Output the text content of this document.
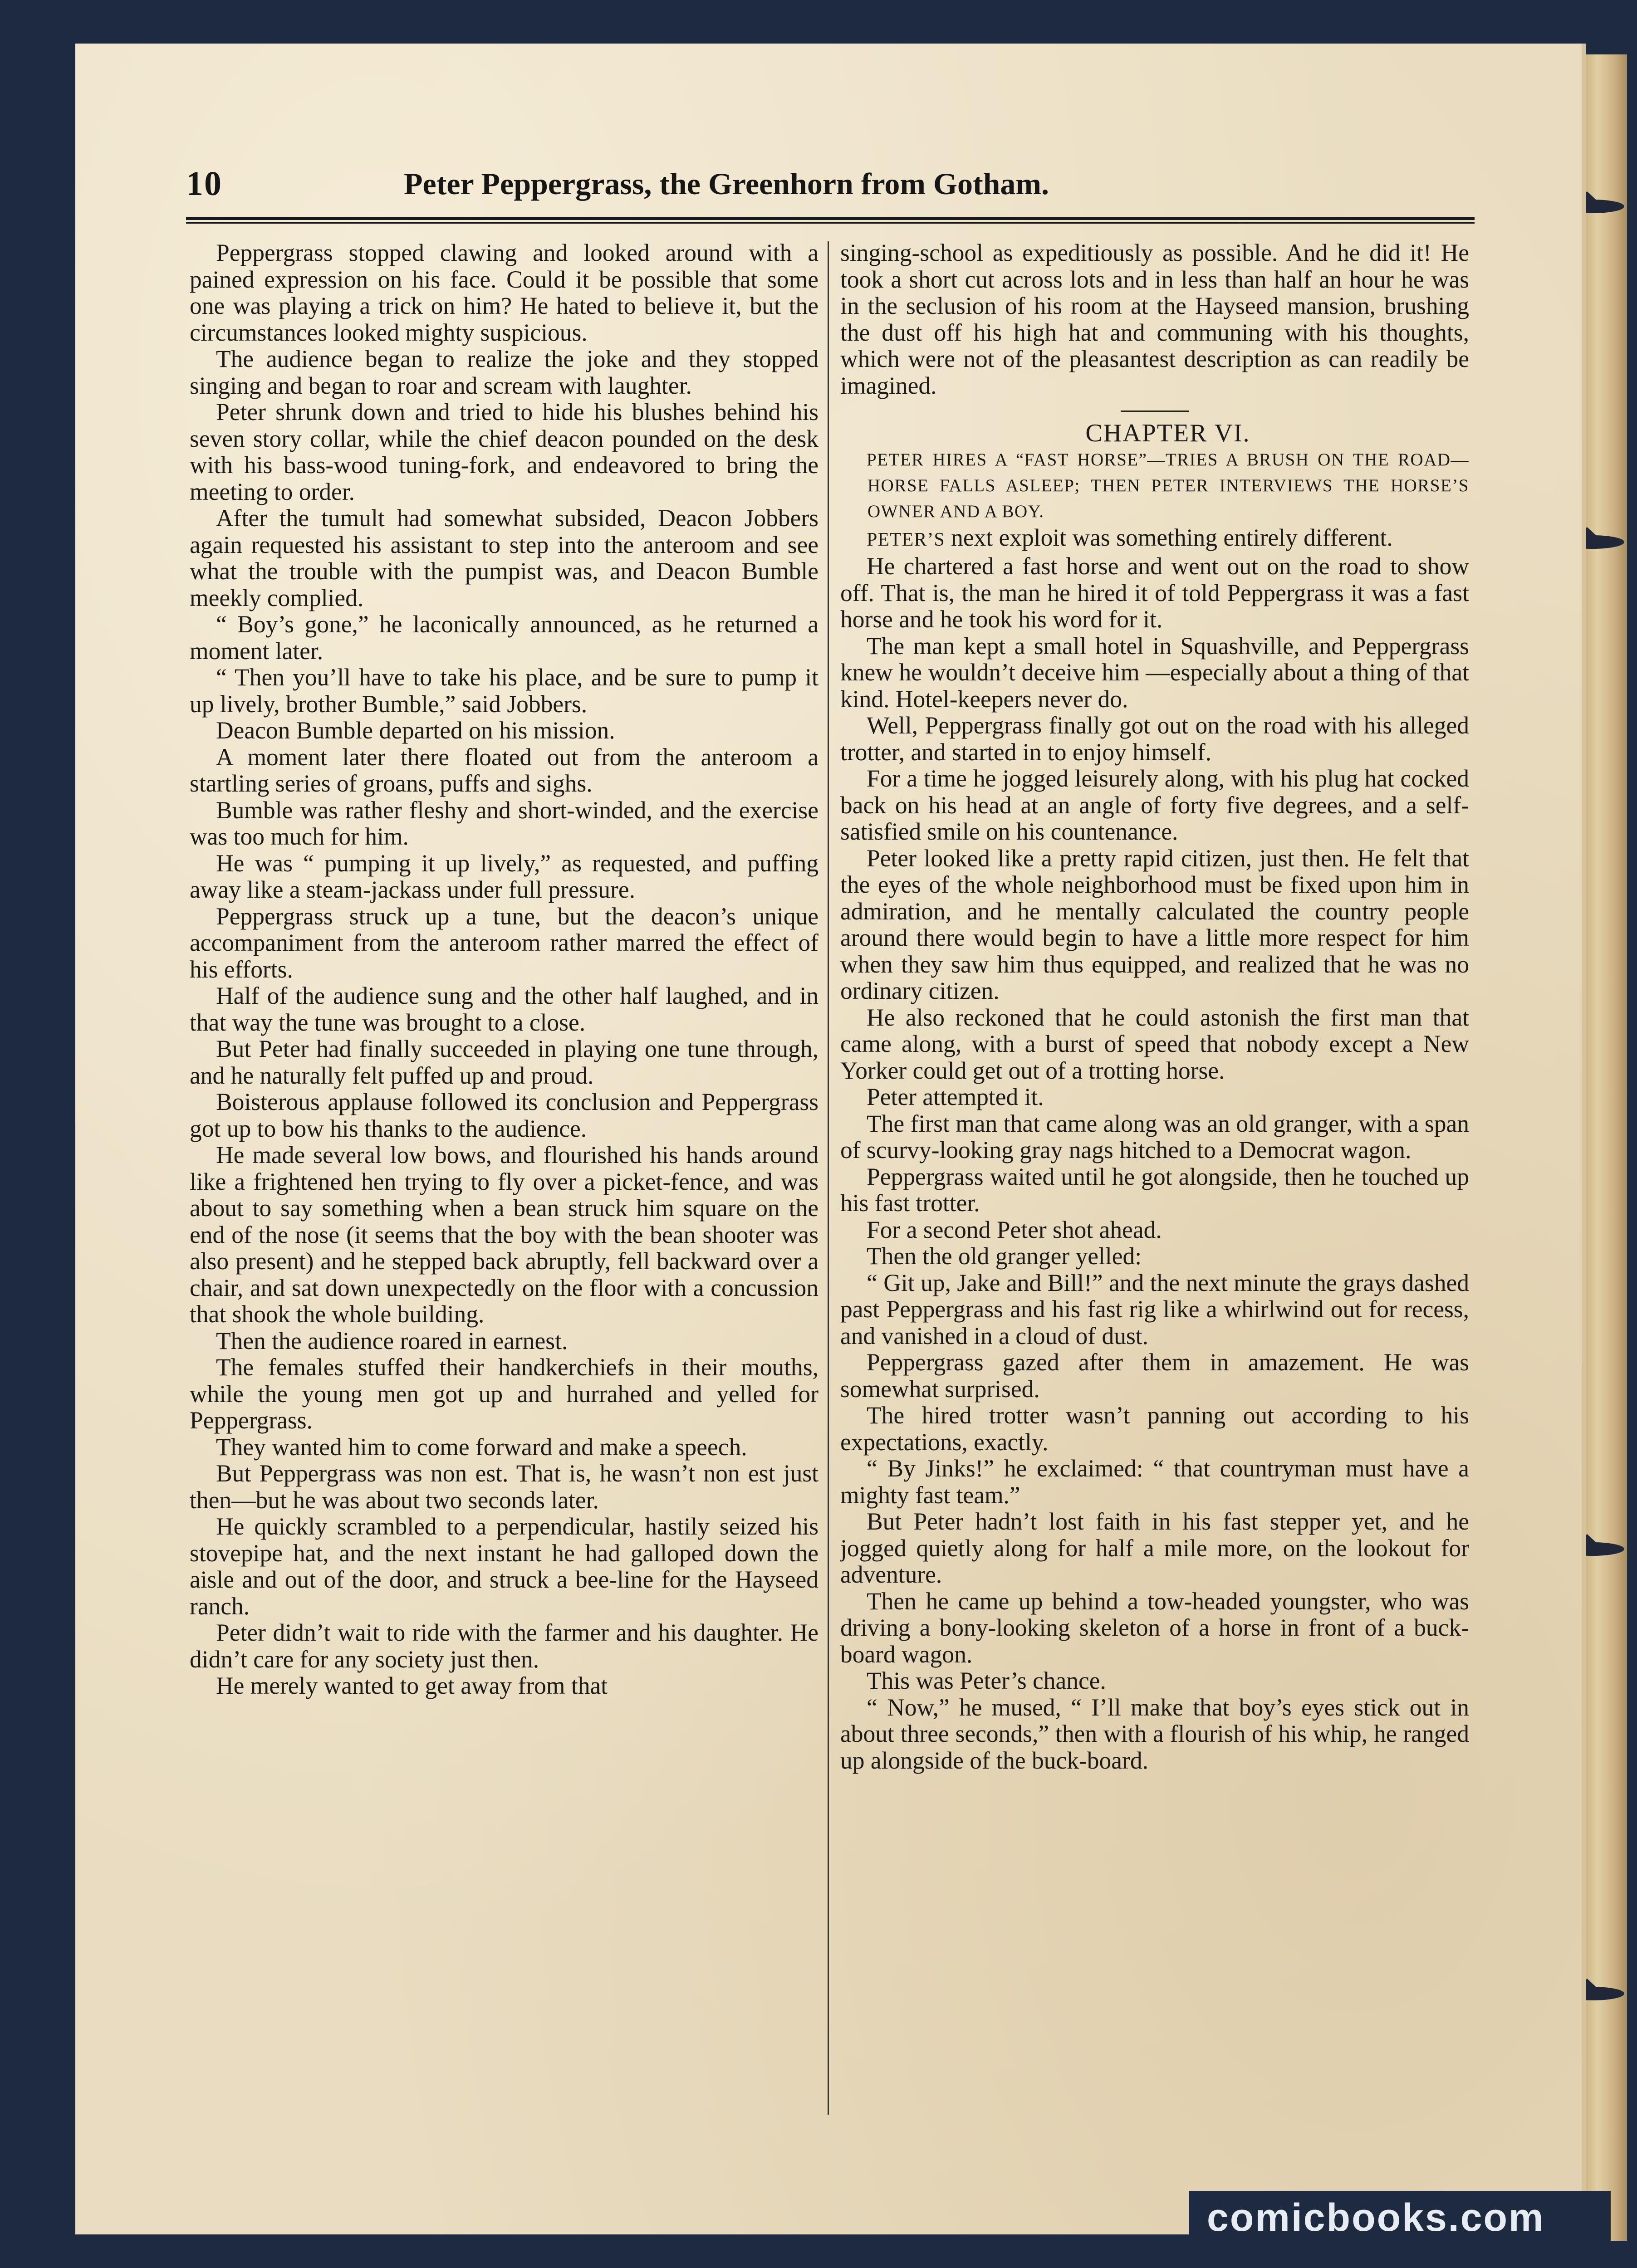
10	Peter Peppergrass, the Greenhorn from Gotham.

Peppergrass stopped clawing and looked around with a pained expression on his face. Could it be possible that some one was playing a trick on him? He hated to believe it, but the circumstances looked mighty suspicious.

The audience began to realize the joke and they stopped singing and began to roar and scream with laughter.

Peter shrunk down and tried to hide his blushes behind his seven story collar, while the chief deacon pounded on the desk with his bass-wood tuning-fork, and endeavored to bring the meeting to order.

After the tumult had somewhat subsided, Deacon Jobbers again requested his assistant to step into the anteroom and see what the trouble with the pumpist was, and Deacon Bumble meekly complied.

“ Boy’s gone,” he laconically announced, as he returned a moment later.

“ Then you’ll have to take his place, and be sure to pump it up lively, brother Bumble,” said Jobbers.

Deacon Bumble departed on his mission.

A moment later there floated out from the anteroom a startling series of groans, puffs and sighs.

Bumble was rather fleshy and short-winded, and the exercise was too much for him.

He was “ pumping it up lively,” as requested, and puffing away like a steam-jackass under full pressure.

Peppergrass struck up a tune, but the deacon’s unique accompaniment from the anteroom rather marred the effect of his efforts.

Half of the audience sung and the other half laughed, and in that way the tune was brought to a close.

But Peter had finally succeeded in playing one tune through, and he naturally felt puffed up and proud.

Boisterous applause followed its conclusion and Peppergrass got up to bow his thanks to the audience.

He made several low bows, and flourished his hands around like a frightened hen trying to fly over a picket-fence, and was about to say something when a bean struck him square on the end of the nose (it seems that the boy with the bean shooter was also present) and he stepped back abruptly, fell backward over a chair, and sat down unexpectedly on the floor with a concussion that shook the whole building.

Then the audience roared in earnest.

The females stuffed their handkerchiefs in their mouths, while the young men got up and hurrahed and yelled for Peppergrass.

They wanted him to come forward and make a speech.

But Peppergrass was non est. That is, he wasn’t non est just then—but he was about two seconds later.

He quickly scrambled to a perpendicular, hastily seized his stovepipe hat, and the next instant he had galloped down the aisle and out of the door, and struck a bee-line for the Hayseed ranch.

Peter didn’t wait to ride with the farmer and his daughter. He didn’t care for any society just then.

He merely wanted to get away from that

singing-school as expeditiously as possible. And he did it! He took a short cut across lots and in less than half an hour he was in the seclusion of his room at the Hayseed mansion, brushing the dust off his high hat and communing with his thoughts, which were not of the pleasantest description as can readily be imagined.

CHAPTER VI.

PETER HIRES A “FAST HORSE”—TRIES A BRUSH ON THE ROAD—HORSE FALLS ASLEEP; THEN PETER INTERVIEWS THE HORSE’S OWNER AND A BOY.

PETER’S next exploit was something entirely different.

He chartered a fast horse and went out on the road to show off. That is, the man he hired it of told Peppergrass it was a fast horse and he took his word for it.

The man kept a small hotel in Squashville, and Peppergrass knew he wouldn’t deceive him —especially about a thing of that kind. Hotel-keepers never do.

Well, Peppergrass finally got out on the road with his alleged trotter, and started in to enjoy himself.

For a time he jogged leisurely along, with his plug hat cocked back on his head at an angle of forty five degrees, and a self-satisfied smile on his countenance.

Peter looked like a pretty rapid citizen, just then. He felt that the eyes of the whole neighborhood must be fixed upon him in admiration, and he mentally calculated the country people around there would begin to have a little more respect for him when they saw him thus equipped, and realized that he was no ordinary citizen.

He also reckoned that he could astonish the first man that came along, with a burst of speed that nobody except a New Yorker could get out of a trotting horse.

Peter attempted it.

The first man that came along was an old granger, with a span of scurvy-looking gray nags hitched to a Democrat wagon.

Peppergrass waited until he got alongside, then he touched up his fast trotter.

For a second Peter shot ahead.

Then the old granger yelled:

“ Git up, Jake and Bill!” and the next minute the grays dashed past Peppergrass and his fast rig like a whirlwind out for recess, and vanished in a cloud of dust.

Peppergrass gazed after them in amazement. He was somewhat surprised.

The hired trotter wasn’t panning out according to his expectations, exactly.

“ By Jinks!” he exclaimed: “ that countryman must have a mighty fast team.”

But Peter hadn’t lost faith in his fast stepper yet, and he jogged quietly along for half a mile more, on the lookout for adventure.

Then he came up behind a tow-headed youngster, who was driving a bony-looking skeleton of a horse in front of a buck-board wagon.

This was Peter’s chance.

“ Now,” he mused, “ I’ll make that boy’s eyes stick out in about three seconds,” then with a flourish of his whip, he ranged up alongside of the buck-board.

comicbooks.com
